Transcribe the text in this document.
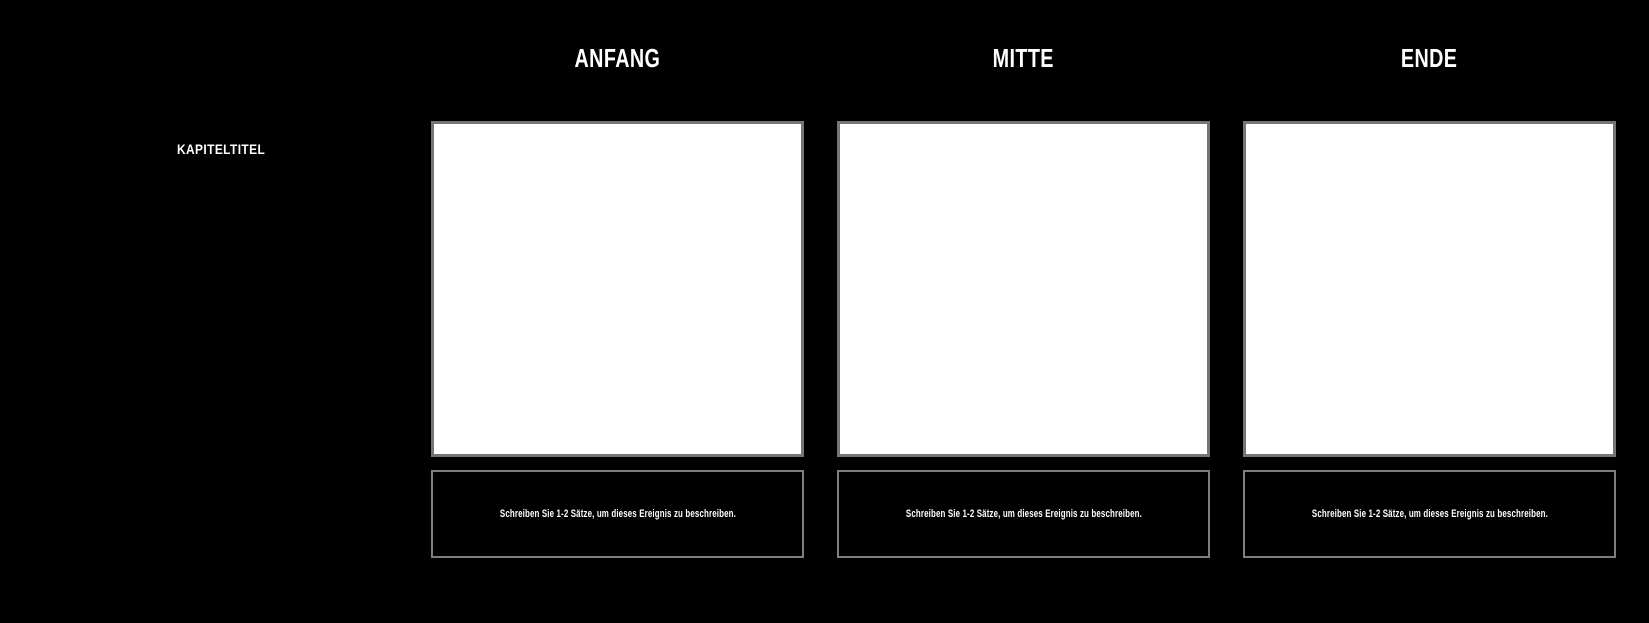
ANFANG	MITTE	ENDE
KAPITELTITEL
Schreiben Sie 1-2 Sätze, um dieses Ereignis zu beschreiben.	Schreiben Sie 1-2 Sätze, um dieses Ereignis zu beschreiben.	Schreiben Sie 1-2 Sätze, um dieses Ereignis zu beschreiben.
